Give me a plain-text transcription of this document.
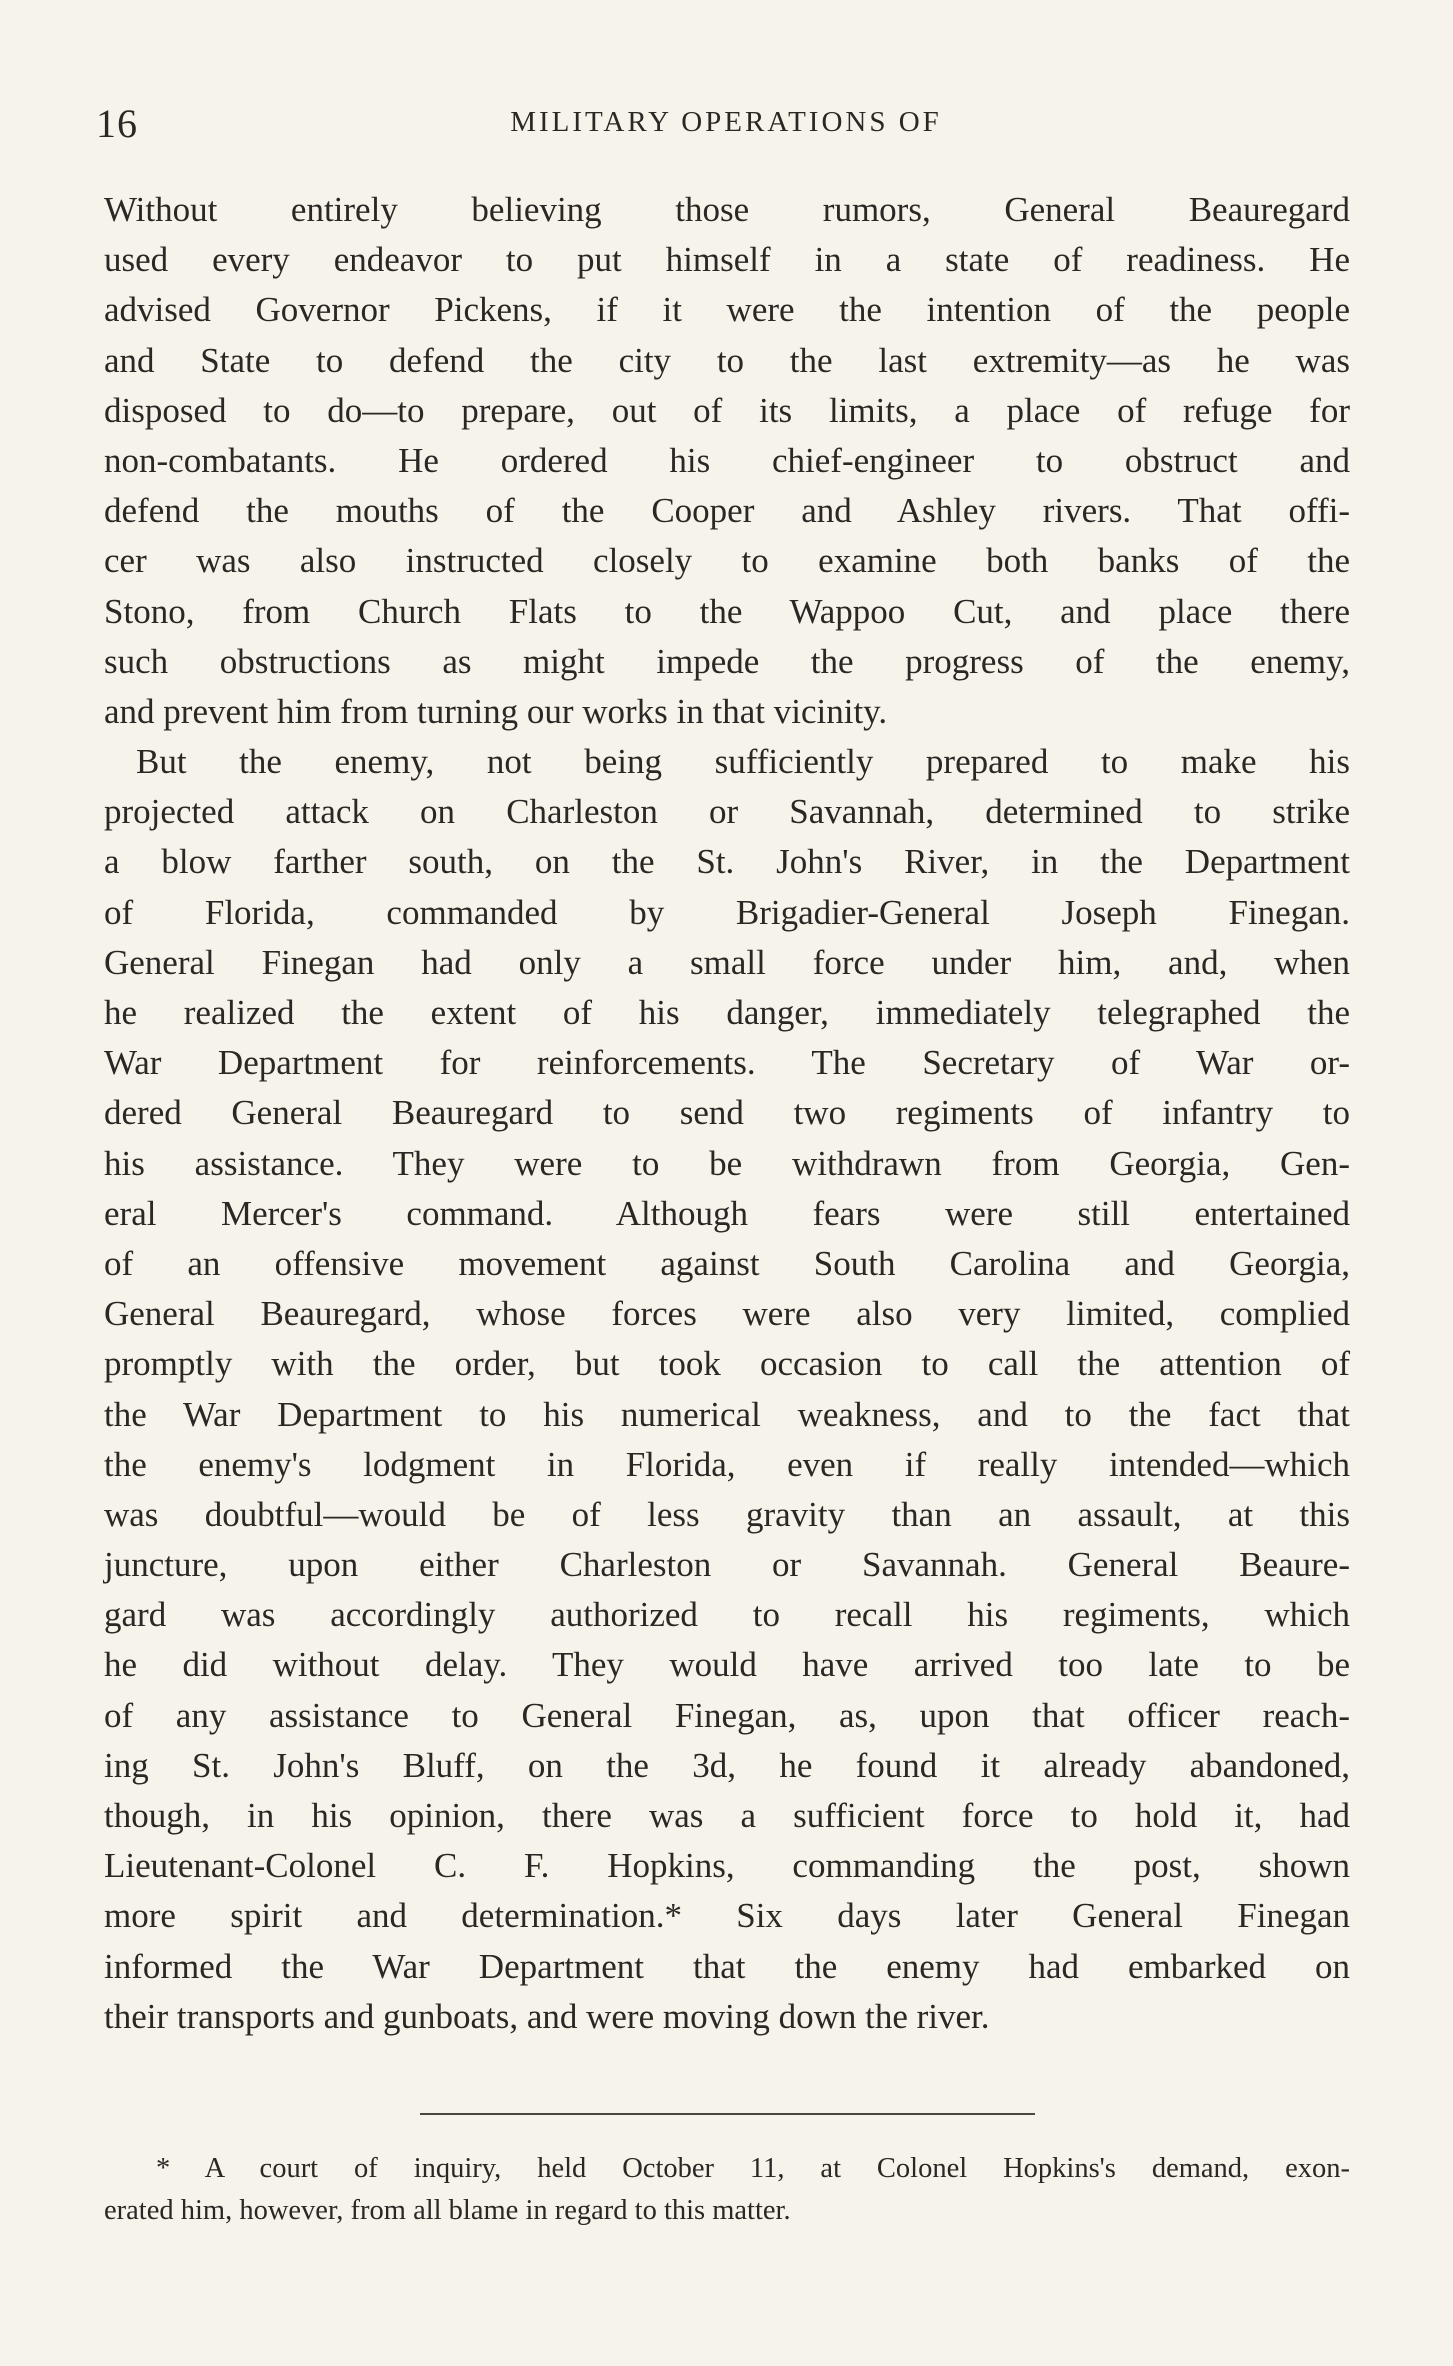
16	MILITARY OPERATIONS OF
Without entirely believing those rumors, General Beauregard
used every endeavor to put himself in a state of readiness. He
advised Governor Pickens, if it were the intention of the people
and State to defend the city to the last extremity—as he was
disposed to do—to prepare, out of its limits, a place of refuge for
non-combatants. He ordered his chief-engineer to obstruct and
defend the mouths of the Cooper and Ashley rivers. That offi-
cer was also instructed closely to examine both banks of the
Stono, from Church Flats to the Wappoo Cut, and place there
such obstructions as might impede the progress of the enemy,
and prevent him from turning our works in that vicinity.
But the enemy, not being sufficiently prepared to make his
projected attack on Charleston or Savannah, determined to strike
a blow farther south, on the St. John's River, in the Department
of Florida, commanded by Brigadier-General Joseph Finegan.
General Finegan had only a small force under him, and, when
he realized the extent of his danger, immediately telegraphed the
War Department for reinforcements. The Secretary of War or-
dered General Beauregard to send two regiments of infantry to
his assistance. They were to be withdrawn from Georgia, Gen-
eral Mercer's command. Although fears were still entertained
of an offensive movement against South Carolina and Georgia,
General Beauregard, whose forces were also very limited, complied
promptly with the order, but took occasion to call the attention of
the War Department to his numerical weakness, and to the fact that
the enemy's lodgment in Florida, even if really intended—which
was doubtful—would be of less gravity than an assault, at this
juncture, upon either Charleston or Savannah. General Beaure-
gard was accordingly authorized to recall his regiments, which
he did without delay. They would have arrived too late to be
of any assistance to General Finegan, as, upon that officer reach-
ing St. John's Bluff, on the 3d, he found it already abandoned,
though, in his opinion, there was a sufficient force to hold it, had
Lieutenant-Colonel C. F. Hopkins, commanding the post, shown
more spirit and determination.* Six days later General Finegan
informed the War Department that the enemy had embarked on
their transports and gunboats, and were moving down the river.
* A court of inquiry, held October 11, at Colonel Hopkins's demand, exon-
erated him, however, from all blame in regard to this matter.
